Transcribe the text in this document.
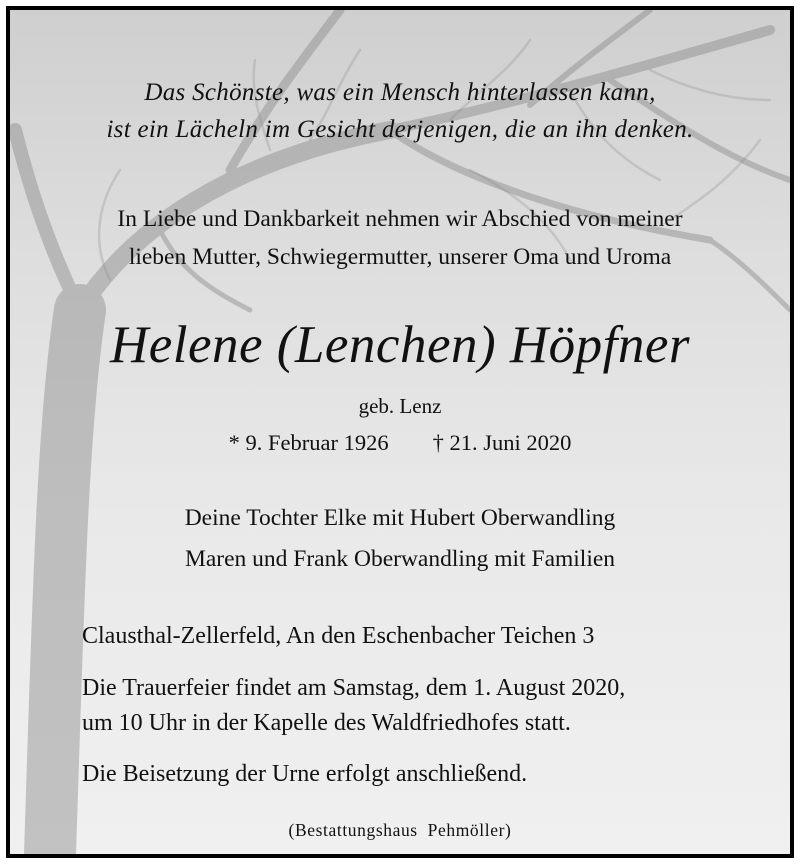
Das Schönste, was ein Mensch hinterlassen kann,
ist ein Lächeln im Gesicht derjenigen, die an ihn denken.
In Liebe und Dankbarkeit nehmen wir Abschied von meiner
lieben Mutter, Schwiegermutter, unserer Oma und Uroma
Helene (Lenchen) Höpfner
geb. Lenz
* 9. Februar 1926 † 21. Juni 2020
Deine Tochter Elke mit Hubert Oberwandling
Maren und Frank Oberwandling mit Familien
Clausthal-Zellerfeld, An den Eschenbacher Teichen 3
Die Trauerfeier findet am Samstag, dem 1. August 2020,
um 10 Uhr in der Kapelle des Waldfriedhofes statt.
Die Beisetzung der Urne erfolgt anschließend.
(Bestattungshaus  Pehmöller)
